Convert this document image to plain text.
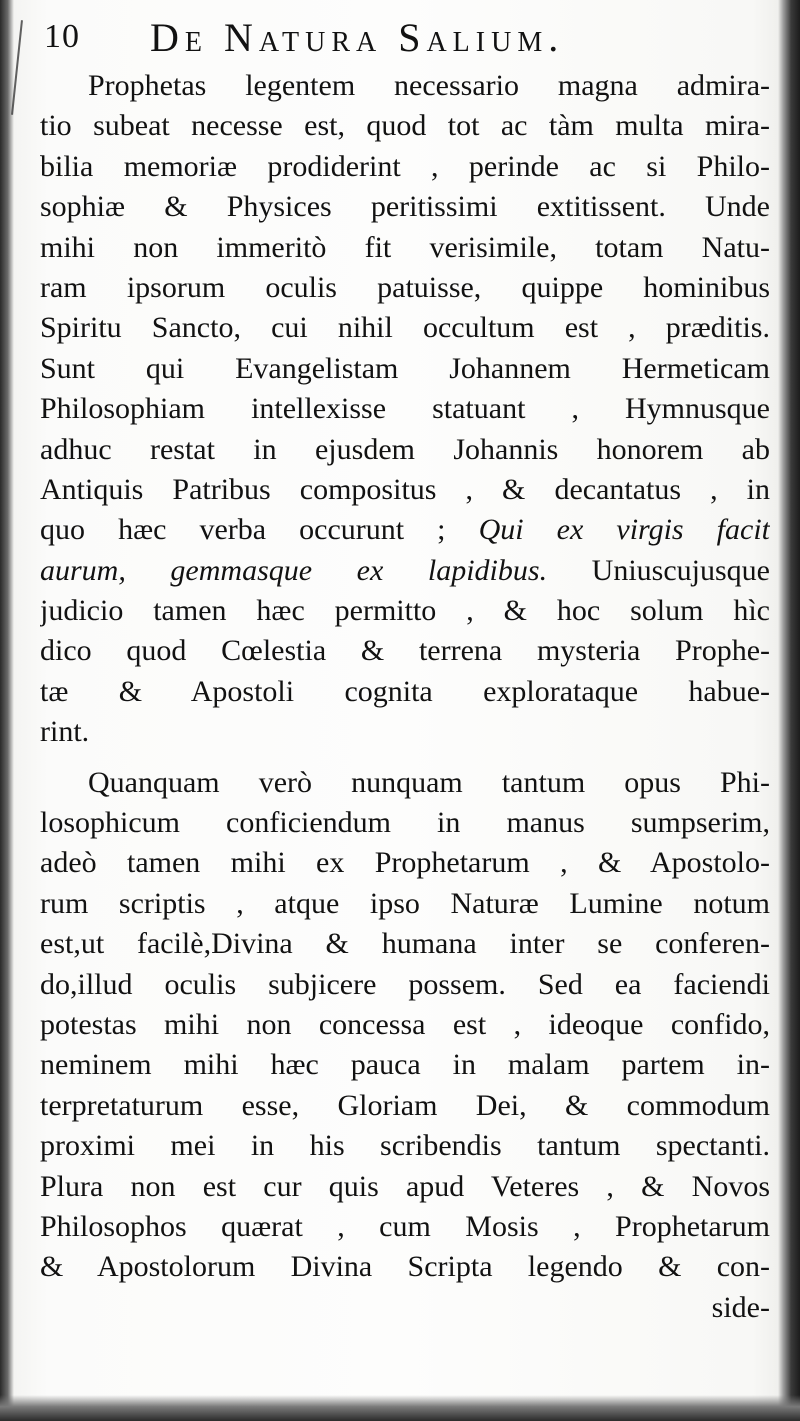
10 De Natura Salium.
Prophetas legentem necessario magna admira-
tio subeat necesse est, quod tot ac tàm multa mira-
bilia memoriæ prodiderint , perinde ac si Philo-
sophiæ & Physices peritissimi extitissent. Unde
mihi non immeritò fit verisimile, totam Natu-
ram ipsorum oculis patuisse, quippe hominibus
Spiritu Sancto, cui nihil occultum est , præditis.
Sunt qui Evangelistam Johannem Hermeticam
Philosophiam intellexisse statuant , Hymnusque
adhuc restat in ejusdem Johannis honorem ab
Antiquis Patribus compositus , & decantatus , in
quo hæc verba occurunt ; Qui ex virgis facit
aurum, gemmasque ex lapidibus. Uniuscujusque
judicio tamen hæc permitto , & hoc solum hìc
dico quod Cœlestia & terrena mysteria Prophe-
tæ & Apostoli cognita explorataque habue-
rint.
Quanquam verò nunquam tantum opus Phi-
losophicum conficiendum in manus sumpserim,
adeò tamen mihi ex Prophetarum , & Apostolo-
rum scriptis , atque ipso Naturæ Lumine notum
est,ut facilè,Divina & humana inter se conferen-
do,illud oculis subjicere possem. Sed ea faciendi
potestas mihi non concessa est , ideoque confido,
neminem mihi hæc pauca in malam partem in-
terpretaturum esse, Gloriam Dei, & commodum
proximi mei in his scribendis tantum spectanti.
Plura non est cur quis apud Veteres , & Novos
Philosophos quærat , cum Mosis , Prophetarum
& Apostolorum Divina Scripta legendo & con-
side-
